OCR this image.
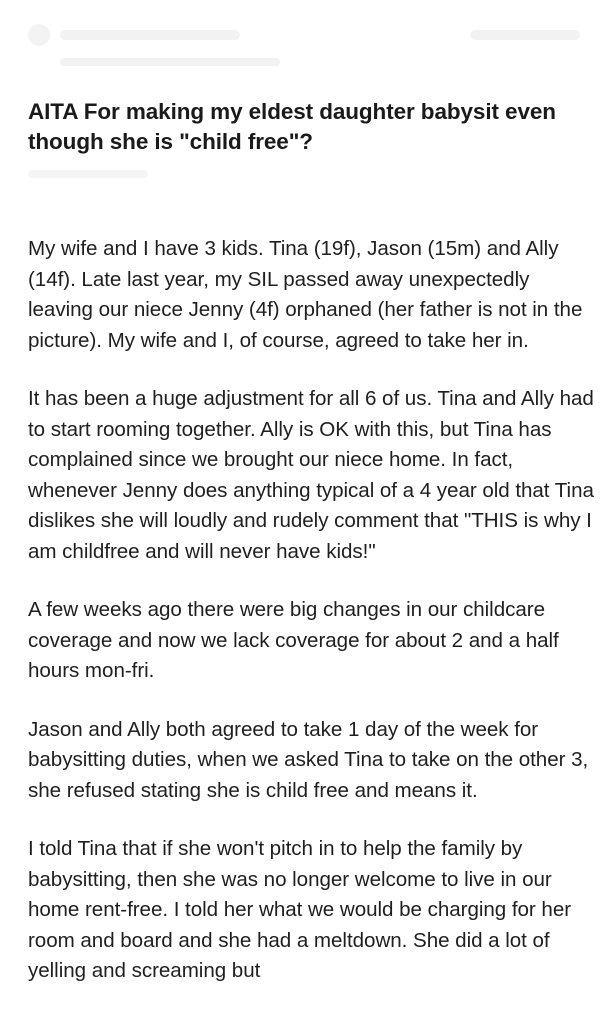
AITA For making my eldest daughter babysit even though she is "child free"?

My wife and I have 3 kids. Tina (19f), Jason (15m) and Ally (14f). Late last year, my SIL passed away unexpectedly leaving our niece Jenny (4f) orphaned (her father is not in the picture). My wife and I, of course, agreed to take her in.

It has been a huge adjustment for all 6 of us. Tina and Ally had to start rooming together. Ally is OK with this, but Tina has complained since we brought our niece home. In fact, whenever Jenny does anything typical of a 4 year old that Tina dislikes she will loudly and rudely comment that "THIS is why I am childfree and will never have kids!"

A few weeks ago there were big changes in our childcare coverage and now we lack coverage for about 2 and a half hours mon-fri.

Jason and Ally both agreed to take 1 day of the week for babysitting duties, when we asked Tina to take on the other 3, she refused stating she is child free and means it.

I told Tina that if she won't pitch in to help the family by babysitting, then she was no longer welcome to live in our home rent-free. I told her what we would be charging for her room and board and she had a meltdown. She did a lot of yelling and screaming but
